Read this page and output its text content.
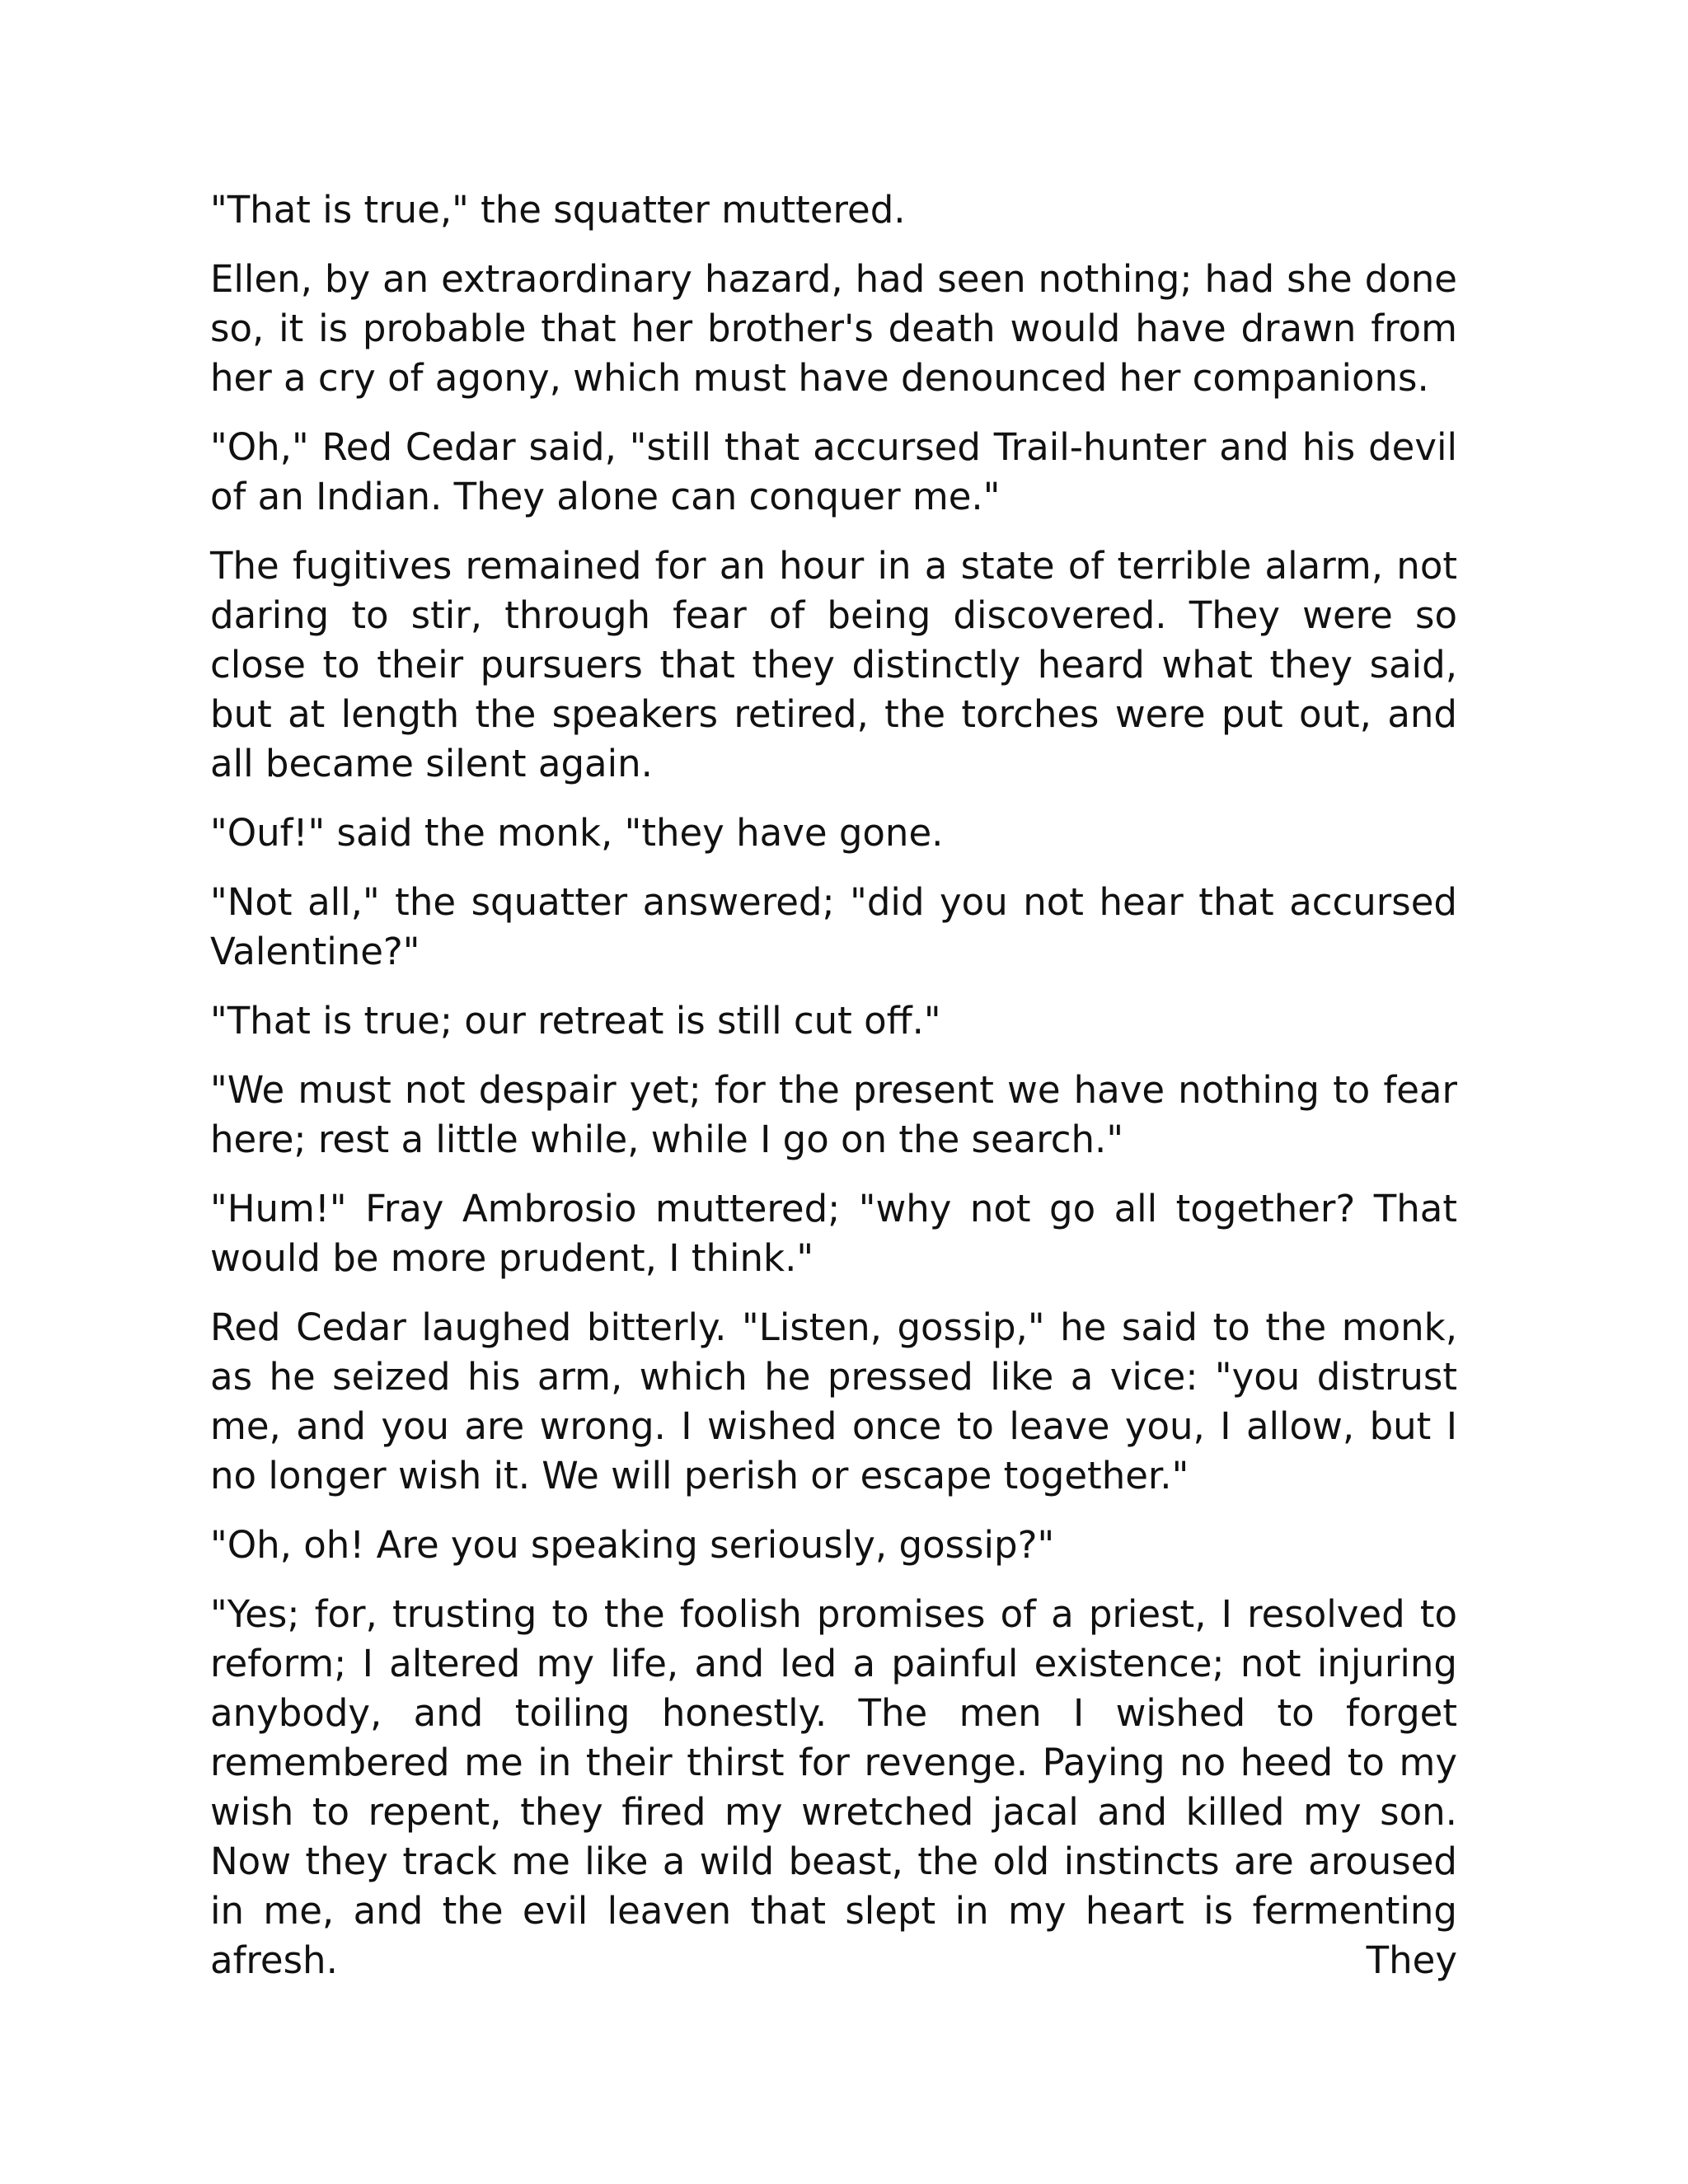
"That is true," the squatter muttered.

Ellen, by an extraordinary hazard, had seen nothing; had she done so, it is probable that her brother's death would have drawn from her a cry of agony, which must have denounced her companions.

"Oh," Red Cedar said, "still that accursed Trail-hunter and his devil of an Indian. They alone can conquer me."

The fugitives remained for an hour in a state of terrible alarm, not daring to stir, through fear of being discovered. They were so close to their pursuers that they distinctly heard what they said, but at length the speakers retired, the torches were put out, and all became silent again.

"Ouf!" said the monk, "they have gone.

"Not all," the squatter answered; "did you not hear that accursed Valentine?"

"That is true; our retreat is still cut off."

"We must not despair yet; for the present we have nothing to fear here; rest a little while, while I go on the search."

"Hum!" Fray Ambrosio muttered; "why not go all together? That would be more prudent, I think."

Red Cedar laughed bitterly. "Listen, gossip," he said to the monk, as he seized his arm, which he pressed like a vice: "you distrust me, and you are wrong. I wished once to leave you, I allow, but I no longer wish it. We will perish or escape together."

"Oh, oh! Are you speaking seriously, gossip?"

"Yes; for, trusting to the foolish promises of a priest, I resolved to reform; I altered my life, and led a painful existence; not injuring anybody, and toiling honestly. The men I wished to forget remembered me in their thirst for revenge. Paying no heed to my wish to repent, they fired my wretched jacal and killed my son. Now they track me like a wild beast, the old instincts are aroused in me, and the evil leaven that slept in my heart is fermenting afresh. They
